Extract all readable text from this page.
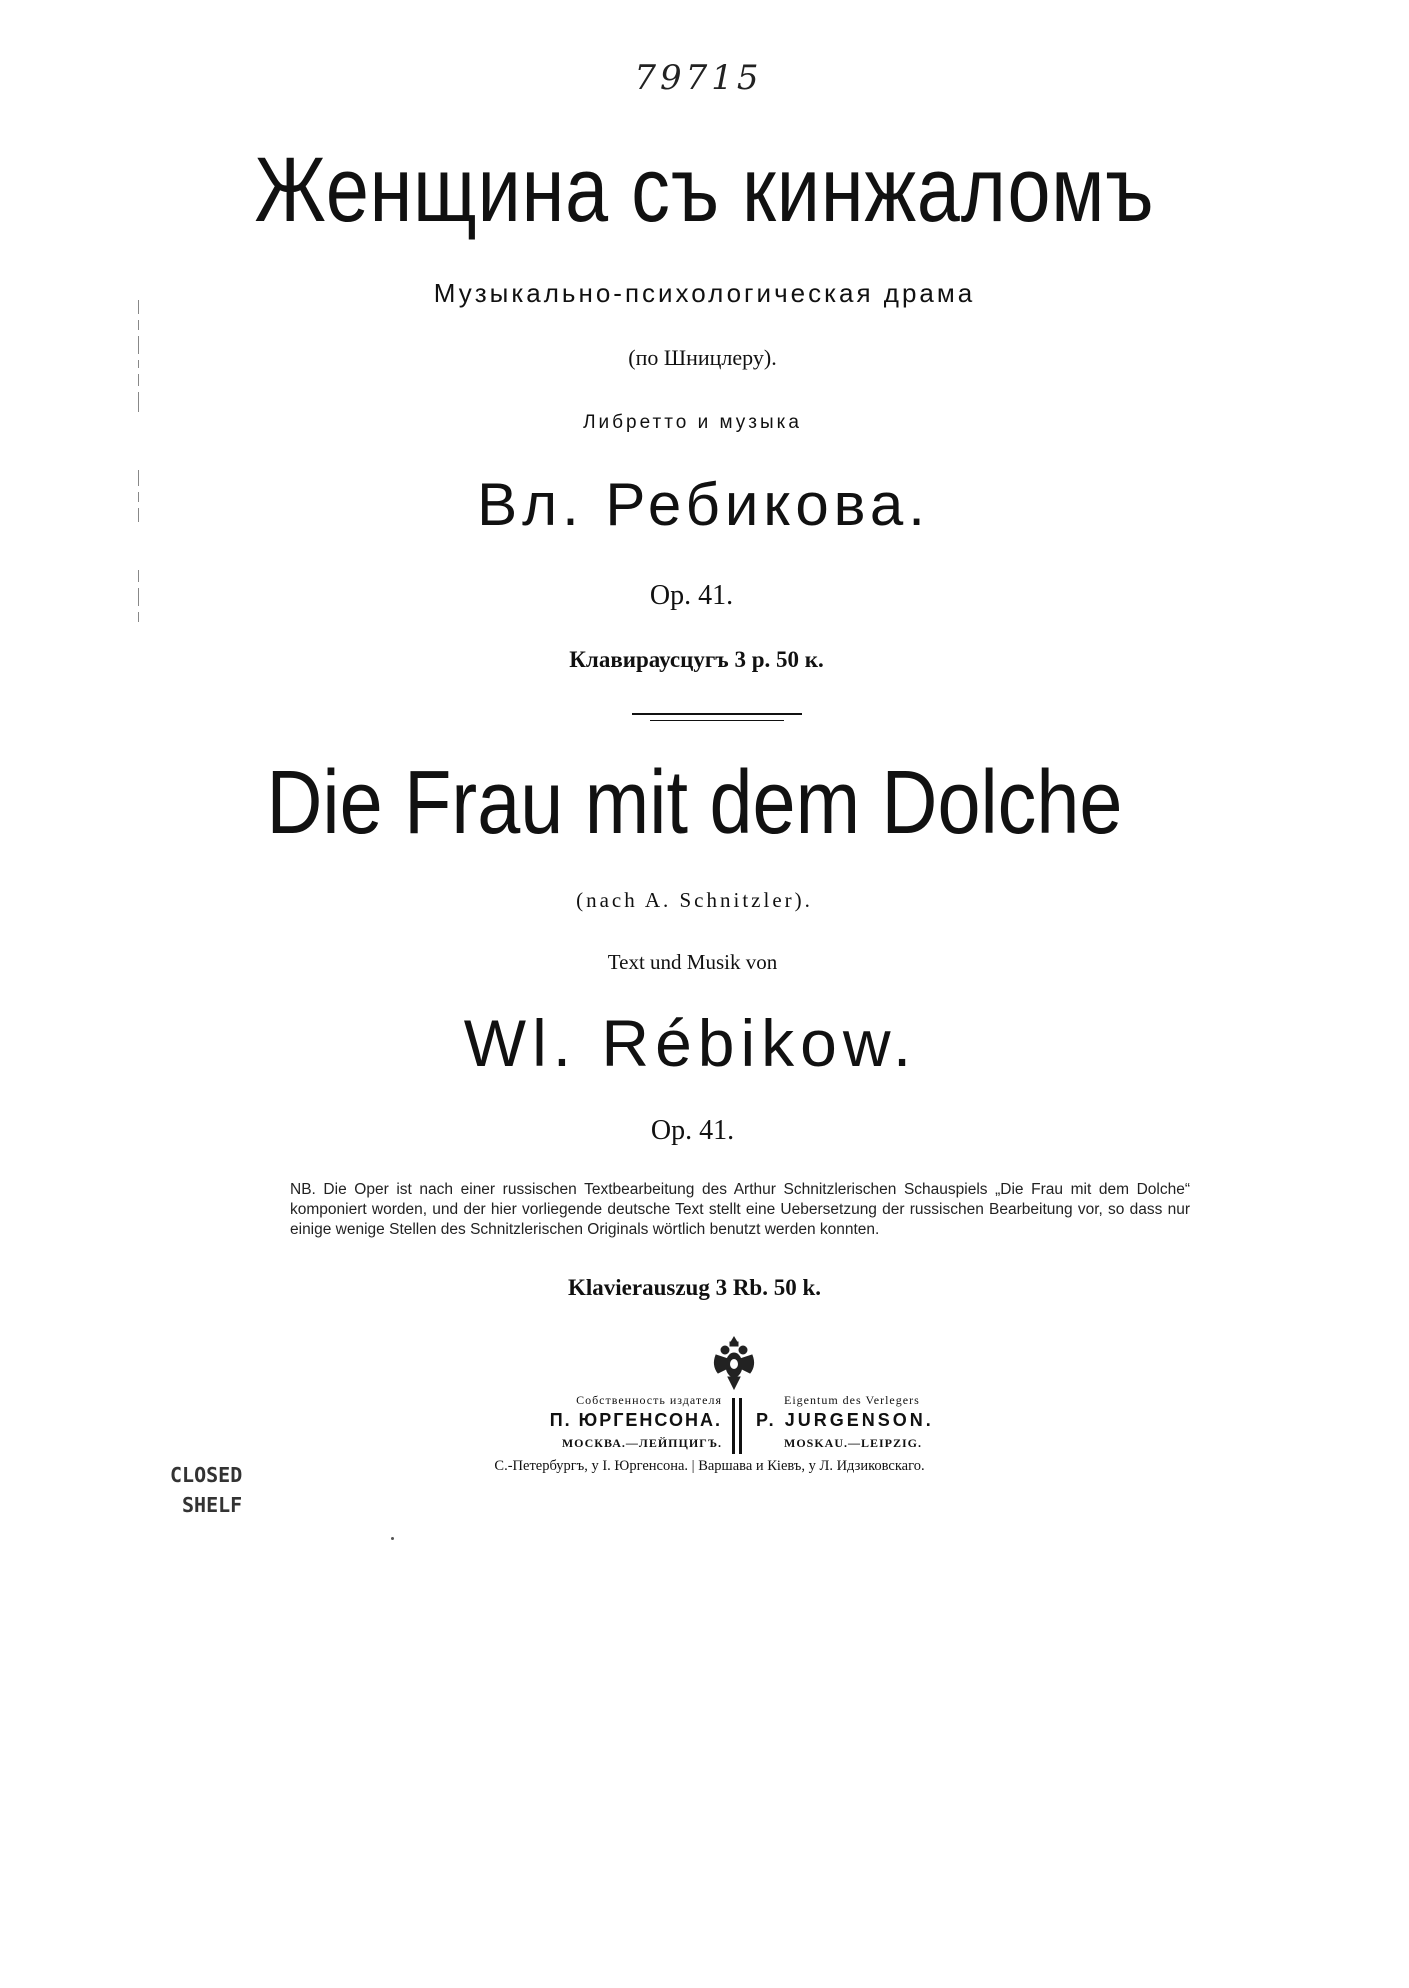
79715
Женщина съ кинжаломъ
Музыкально-психологическая драма
(по Шницлеру).
Либретто и музыка
Вл. Ребикова.
Op. 41.
Клавираусцугъ 3 р. 50 к.
Die Frau mit dem Dolche
(nach A. Schnitzler).
Text und Musik von
Wl. Rébikow.
Op. 41.
NB. Die Oper ist nach einer russischen Textbearbeitung des Arthur Schnitzlerischen Schauspiels „Die Frau mit dem Dolche“ komponiert worden, und der hier vorliegende deutsche Text stellt eine Uebersetzung der russischen Bearbeitung vor, so dass nur einige wenige Stellen des Schnitzlerischen Originals wörtlich benutzt werden konnten.
Klavierauszug 3 Rb. 50 k.
Собственность издателя
П. ЮРГЕНСОНА.
МОСКВА.—ЛЕЙПЦИГЪ.
Eigentum des Verlegers
P. JURGENSON.
MOSKAU.—LEIPZIG.
С.-Петербургъ, у I. Юргенсона. | Варшава и Кіевъ, у Л. Идзиковскаго.
CLOSED
SHELF
